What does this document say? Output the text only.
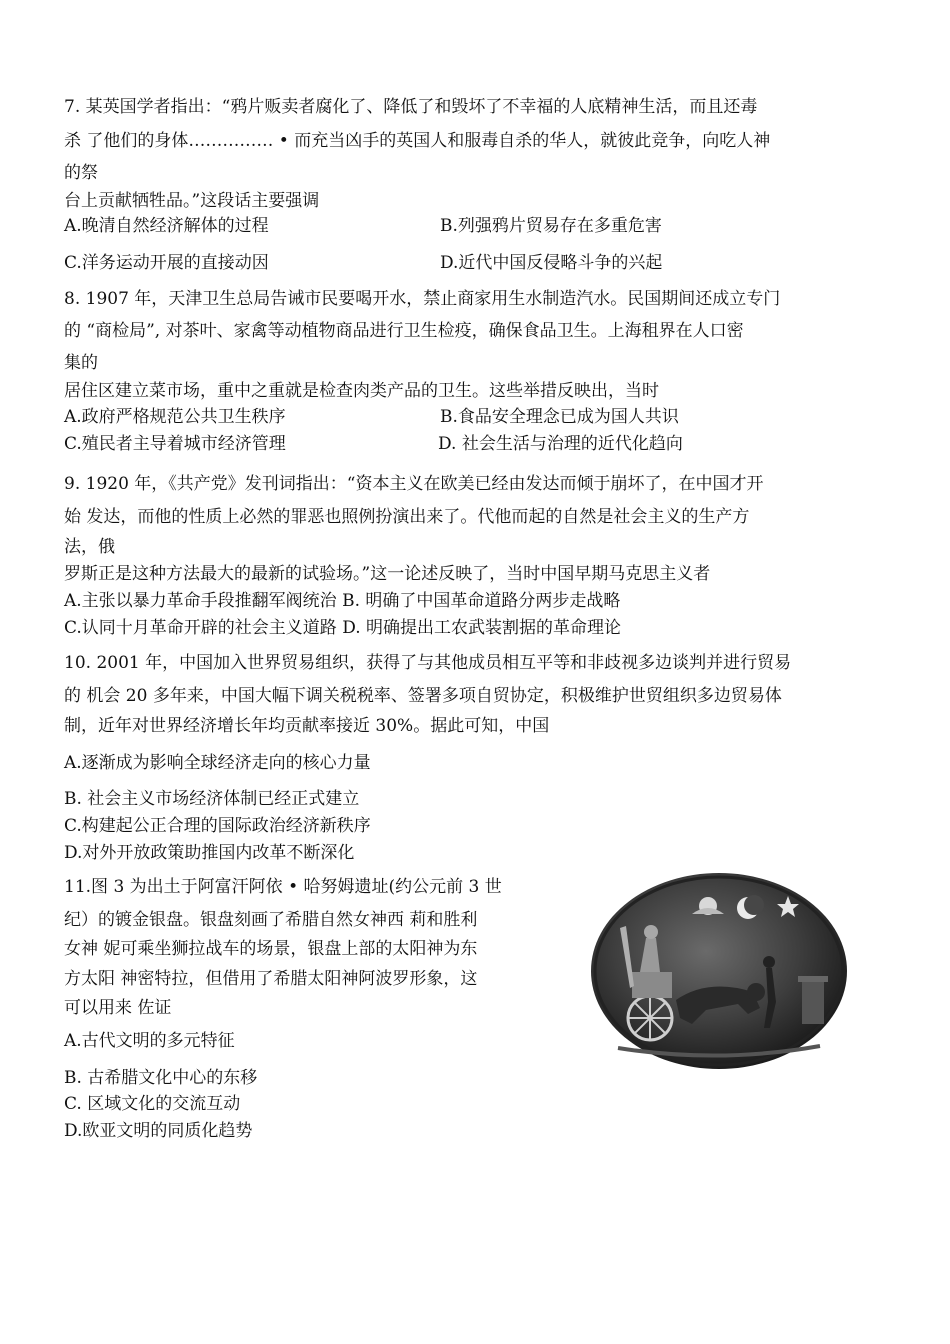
7. 某英国学者指出：“鸦片贩卖者腐化了、降低了和毁坏了不幸福的人底精神生活，而且还毒
杀 了他们的身体…………… • 而充当凶手的英国人和服毒自杀的华人，就彼此竞争，向吃人神
的祭
台上贡献牺牲品。”这段话主要强调
A.晚清自然经济解体的过程	B.列强鸦片贸易存在多重危害
C.洋务运动开展的直接动因	D.近代中国反侵略斗争的兴起
8. 1907 年，天津卫生总局告诫市民要喝开水，禁止商家用生水制造汽水。民国期间还成立专门
的 “商检局”, 对茶叶、家禽等动植物商品进行卫生检疫，确保食品卫生。上海租界在人口密
集的
居住区建立菜市场，重中之重就是检查肉类产品的卫生。这些举措反映出，当时
A.政府严格规范公共卫生秩序	B.食品安全理念已成为国人共识
C.殖民者主导着城市经济管理	D. 社会生活与治理的近代化趋向
9. 1920 年，《共产党》发刊词指出：“资本主义在欧美已经由发达而倾于崩坏了，在中国才开
始 发达，而他的性质上必然的罪恶也照例扮演出来了。代他而起的自然是社会主义的生产方
法，俄
罗斯正是这种方法最大的最新的试验场。”这一论述反映了，当时中国早期马克思主义者
A.主张以暴力革命手段推翻军阀统治 B. 明确了中国革命道路分两步走战略
C.认同十月革命开辟的社会主义道路 D. 明确提出工农武装割据的革命理论
10. 2001 年，中国加入世界贸易组织，获得了与其他成员相互平等和非歧视多边谈判并进行贸易
的 机会 20 多年来，中国大幅下调关税税率、签署多项自贸协定，积极维护世贸组织多边贸易体
制，近年对世界经济增长年均贡献率接近 30%。据此可知，中国
A.逐渐成为影响全球经济走向的核心力量
B. 社会主义市场经济体制已经正式建立
C.构建起公正合理的国际政治经济新秩序
D.对外开放政策助推国内改革不断深化
11.图 3 为出土于阿富汗阿依 • 哈努姆遗址(约公元前 3 世
纪）的镀金银盘。银盘刻画了希腊自然女神西 莉和胜利
女神 妮可乘坐狮拉战车的场景，银盘上部的太阳神为东
方太阳 神密特拉，但借用了希腊太阳神阿波罗形象，这
可以用来 佐证
A.古代文明的多元特征
B. 古希腊文化中心的东移
C. 区域文化的交流互动
D.欧亚文明的同质化趋势
